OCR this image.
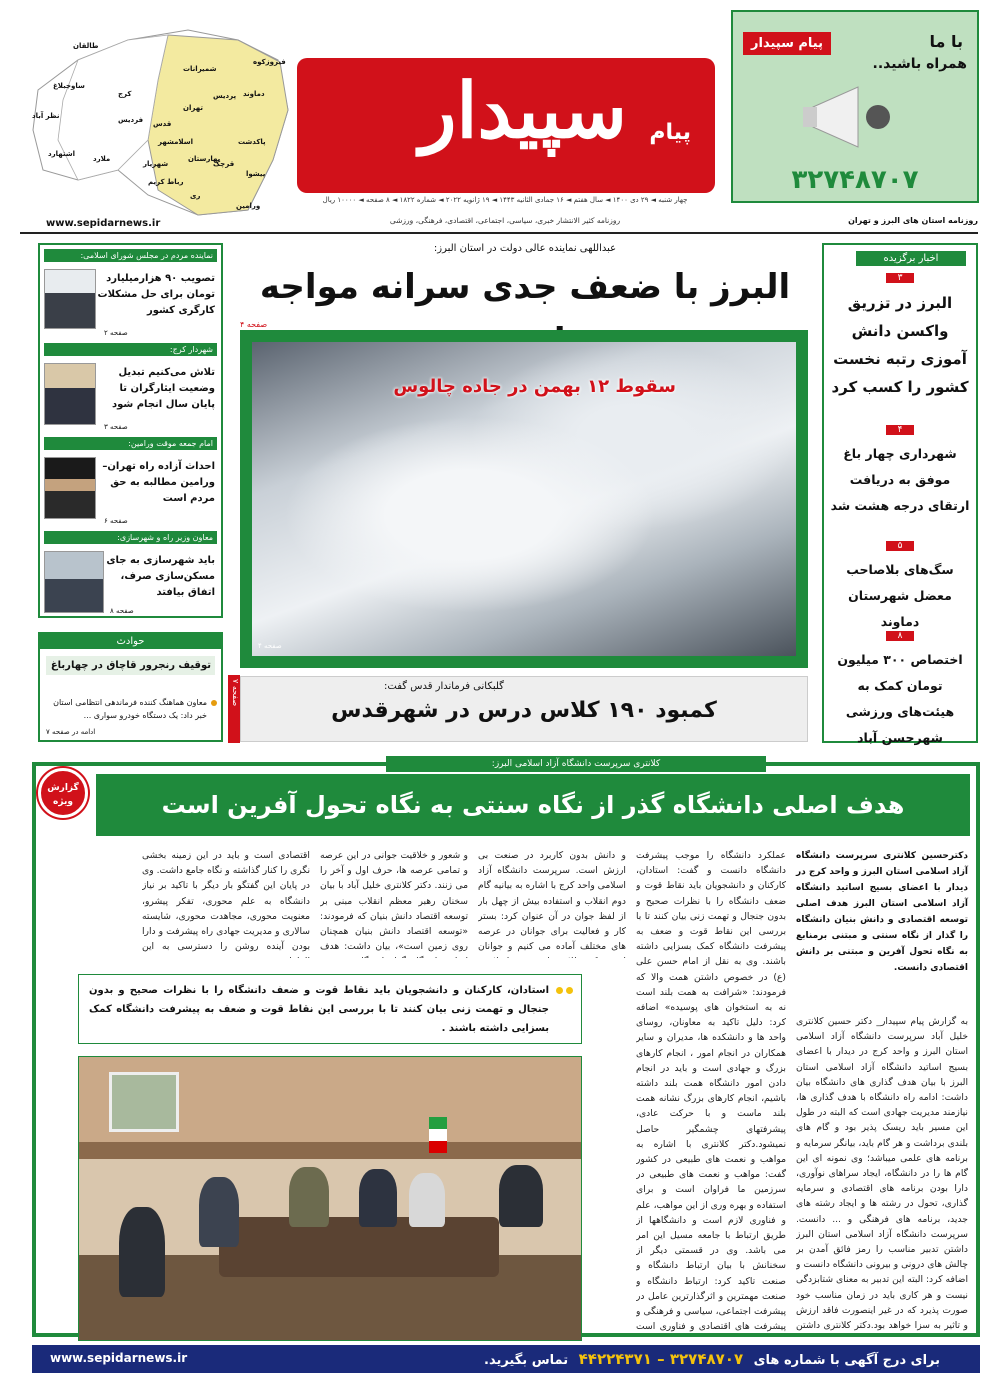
طالقان
ساوجبلاغ
نظر آباد
اشتهارد
کرج
فردیس
ملارد
شمیرانات
فیروزکوه
دماوند
پردیس
تهران
اسلامشهر
شهریار
رباط کریم
ری
پاکدشت
قرچک
پیشوا
ورامین
بهارستان
قدس	پیام
سپیدار
با ما
همراه باشید..
پیام سپیدار
۳۲۷۴۸۷۰۷
چهار شنبه ◄ ۲۹ دی ۱۴۰۰ ◄ سال هفتم ◄ ۱۶ جمادی الثانیه ۱۴۴۳ ◄ ۱۹ ژانویه ۲۰۲۲ ◄ شماره ۱۸۲۲ ◄ ۸ صفحه ◄ ۱۰۰۰۰ ریال
روزنامه کثیر الانتشار خبری، سیاسی، اجتماعی، اقتصادی، فرهنگی، ورزشی	روزنامه استان های البرز و تهران
www.sepidarnews.ir
اخبار برگزیده
۳
البرز در تزریق واکسن دانش آموزی رتبه نخست کشور را کسب کرد
۴
شهرداری چهار باغ موفق به دریافت ارتقای درجه هشت شد
۵
سگ‌های بلاصاحب معضل شهرستان دماوند
۸
اختصاص ۳۰۰ میلیون تومان کمک به هیئت‌های ورزشی شهرحسن آباد
عبداللهی نماینده عالی دولت در استان البرز:
البرز با ضعف جدی سرانه مواجه
صفحه ۴
سقوط ۱۲ بهمن در جاده چالوس
صفحه ۴
صفحه ۷	گلبکانی فرماندار قدس گفت:
کمبود ۱۹۰ کلاس درس در شهرقدس
نماینده مردم در مجلس شورای اسلامی:
تصویب ۹۰ هزارمیلیارد تومان برای حل مشکلات کارگری کشور
صفحه ۲
شهردار کرج:
تلاش می‌کنیم تبدیل وضعیت ایثارگران تا پایان سال انجام شود
صفحه ۳
امام جمعه موقت ورامین:
احداث آزاده راه تهران–ورامین مطالبه به حق مردم است
صفحه ۶
معاون وزیر راه و شهرسازی:
باید شهرسازی به جای مسکن‌سازی صرف، اتفاق بیافتد
صفحه ۸
حوادث
توقیف رنجرور قاچاق در چهارباغ
معاون هماهنگ کننده فرماندهی انتظامی استان خبر داد: یک دستگاه خودرو سواری ...
ادامه در صفحه ۷
کلانتری سرپرست دانشگاه آزاد اسلامی البرز:
گزارش ویژه	هدف اصلی دانشگاه گذر از نگاه سنتی به نگاه تحول آفرین است
دکترحسین کلانتری سرپرست دانشگاه آزاد اسلامی استان البرز و واحد کرج در دیدار با اعضای بسیج اساتید دانشگاه آزاد اسلامی استان البرز هدف اصلی توسعه اقتصادی و دانش بنیان دانشگاه را گذار از نگاه سنتی و مبتنی برمنابع به نگاه تحول آفرین و مبتنی بر دانش اقتصادی دانست.
به گزارش پیام سپیدار_ دکتر حسین کلانتری خلیل آباد سرپرست دانشگاه آزاد اسلامی استان البرز و واحد کرج در دیدار با اعضای بسیج اساتید دانشگاه آزاد اسلامی استان البرز با بیان هدف گذاری های دانشگاه بیان داشت: ادامه راه دانشگاه با هدف گذاری ها، نیازمند مدیریت جهادی است که البته در طول این مسیر باید ریسک پذیر بود و گام های بلندی برداشت و هر گام باید، بیانگر سرمایه و برنامه های علمی میباشد؛ وی نمونه ای این گام ها را در دانشگاه، ایجاد سراهای نوآوری، دارا بودن برنامه های اقتصادی و سرمایه گذاری، تحول در رشته ها و ایجاد رشته های جدید، برنامه های فرهنگی و ... دانست. سرپرست دانشگاه آزاد اسلامی استان البرز داشتن تدبیر مناسب را رمز فائق آمدن بر چالش های درونی و بیرونی دانشگاه دانست و اضافه کرد: البته این تدبیر به معنای شتابزدگی نیست و هر کاری باید در زمان مناسب خود صورت پذیرد که در غیر اینصورت فاقد ارزش و تاثیر به سزا خواهد بود.دکتر کلانتری داشتن
عملکرد دانشگاه را موجب پیشرفت دانشگاه دانست و گفت: استادان، کارکنان و دانشجویان باید نقاط قوت و ضعف دانشگاه را با نظرات صحیح و بدون جنجال و تهمت زنی بیان کنند تا با بررسی این نقاط قوت و ضعف به پیشرفت دانشگاه کمک بسزایی داشته باشند. وی به نقل از امام حسن علی (ع) در خصوص داشتن همت والا که فرمودند: «شرافت به همت بلند است نه به استخوان های پوسیده» اضافه کرد: دلیل تاکید به معاونان، روسای واحد ها و دانشکده ها، مدیران و سایر همکاران در انجام امور ، انجام کارهای بزرگ و جهادی است و باید در انجام دادن امور دانشگاه همت بلند داشته باشیم، انجام کارهای بزرگ نشانه همت بلند ماست و با حرکت عادی، پیشرفتهای چشمگیر حاصل نمیشود.دکتر کلانتری با اشاره به مواهب و نعمت های طبیعی در کشور گفت: مواهب و نعمت های طبیعی در سرزمین ما فراوان است و برای استفاده و بهره وری از این مواهب، علم و فناوری لازم است و دانشگاهها از طریق ارتباط با جامعه مسیل این امر می باشد. وی در قسمتی دیگر از سخنانش با بیان ارتباط دانشگاه و صنعت تاکید کرد: ارتباط دانشگاه و صنعت مهمترین و اثرگذارترین عامل در پیشرفت اجتماعی، سیاسی و فرهنگی و پیشرفت های اقتصادی و فناوری است
و دانش بدون کاربرد در صنعت بی ارزش است. سرپرست دانشگاه آزاد اسلامی واحد کرج با اشاره به بیانیه گام دوم انقلاب و استفاده بیش از چهل بار از لفظ جوان در آن عنوان کرد: بستر کار و فعالیت برای جوانان در عرصه های مختلف آماده می کنیم و جوانان
و شعور و خلاقیت جوانی در این عرصه و تمامی عرصه ها، حرف اول و آخر را می زنند. دکتر کلانتری خلیل آباد با بیان سخنان رهبر معظم انقلاب مبنی بر توسعه اقتصاد دانش بنیان که فرمودند: «توسعه اقتصاد دانش بنیان همچنان روی زمین است»، بیان داشت: هدف
اقتصادی است و باید در این زمینه بخشی نگری را کنار گذاشته و نگاه جامع داشت. وی در پایان این گفتگو بار دیگر با تاکید بر نیاز دانشگاه به علم محوری، تفکر پیشرو، معنویت محوری، مجاهدت محوری، شایسته سالاری و مدیریت جهادی راه پیشرفت و دارا بودن آینده روشن را دسترسی به این
استادان، کارکنان و دانشجویان باید نقاط قوت و ضعف دانشگاه را با نظرات صحیح و بدون جنجال و تهمت زنی بیان کنند تا با بررسی این نقاط قوت و ضعف به پیشرفت دانشگاه کمک بسزایی داشته باشند .
برای درج آگهی با شماره های ۳۲۷۴۸۷۰۷ – ۴۴۲۲۴۳۷۱ تماس بگیرید.
www.sepidarnews.ir
